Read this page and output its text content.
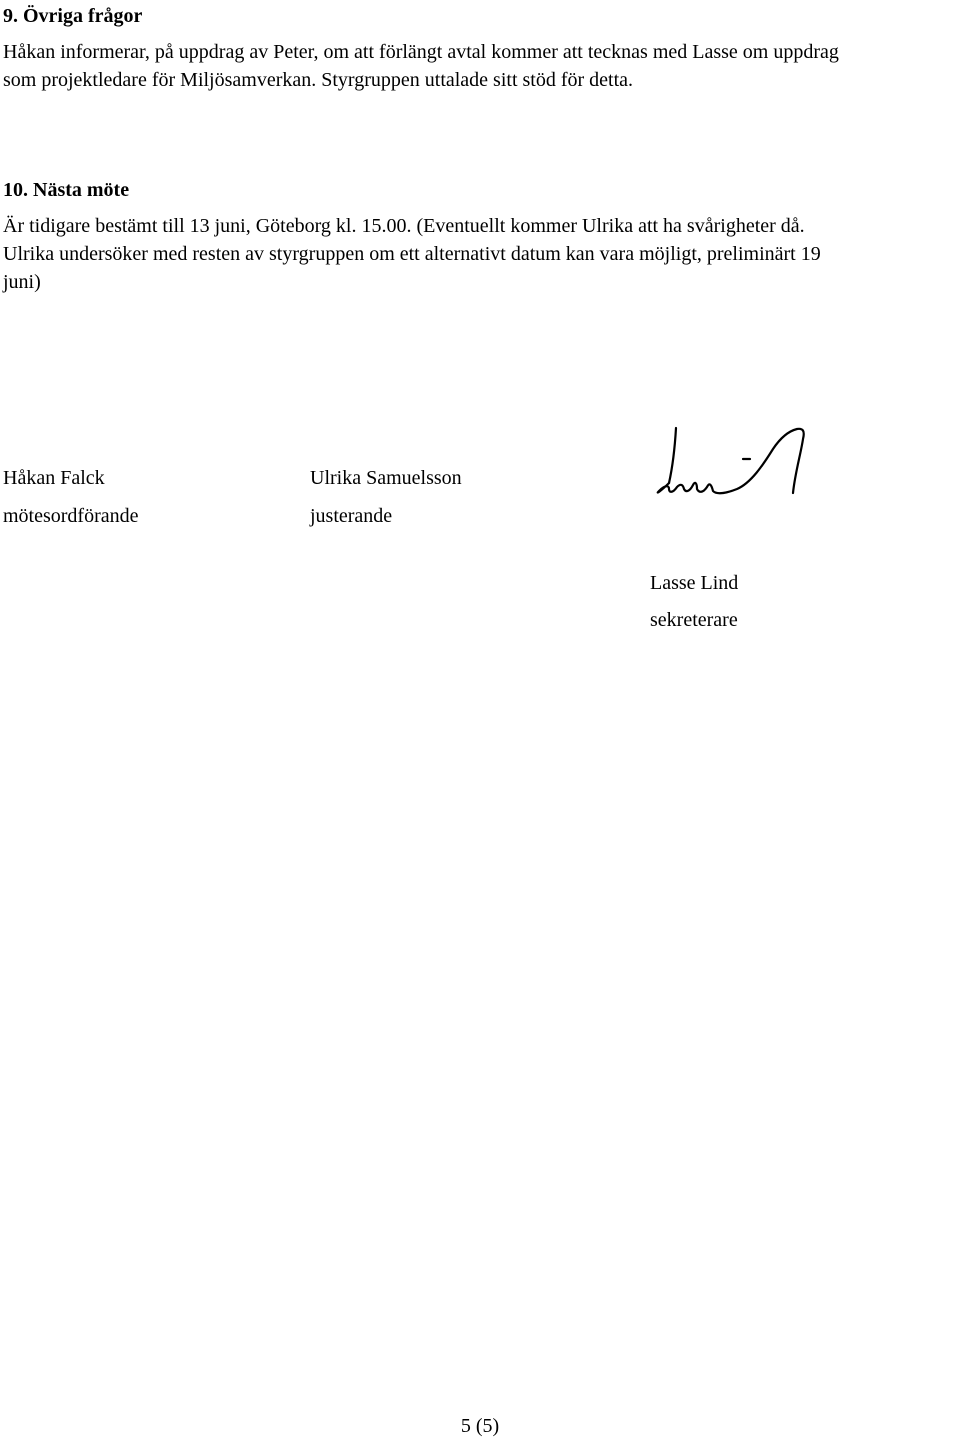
9. Övriga frågor
Håkan informerar, på uppdrag av Peter, om att förlängt avtal kommer att tecknas med Lasse om uppdrag
som projektledare för Miljösamverkan. Styrgruppen uttalade sitt stöd för detta.
10. Nästa möte
Är tidigare bestämt till 13 juni, Göteborg kl. 15.00. (Eventuellt kommer Ulrika att ha svårigheter då.
Ulrika undersöker med resten av styrgruppen om ett alternativt datum kan vara möjligt, preliminärt 19
juni)
Håkan Falck
mötesordförande
Ulrika Samuelsson
justerande
Lasse Lind
sekreterare
5 (5)
